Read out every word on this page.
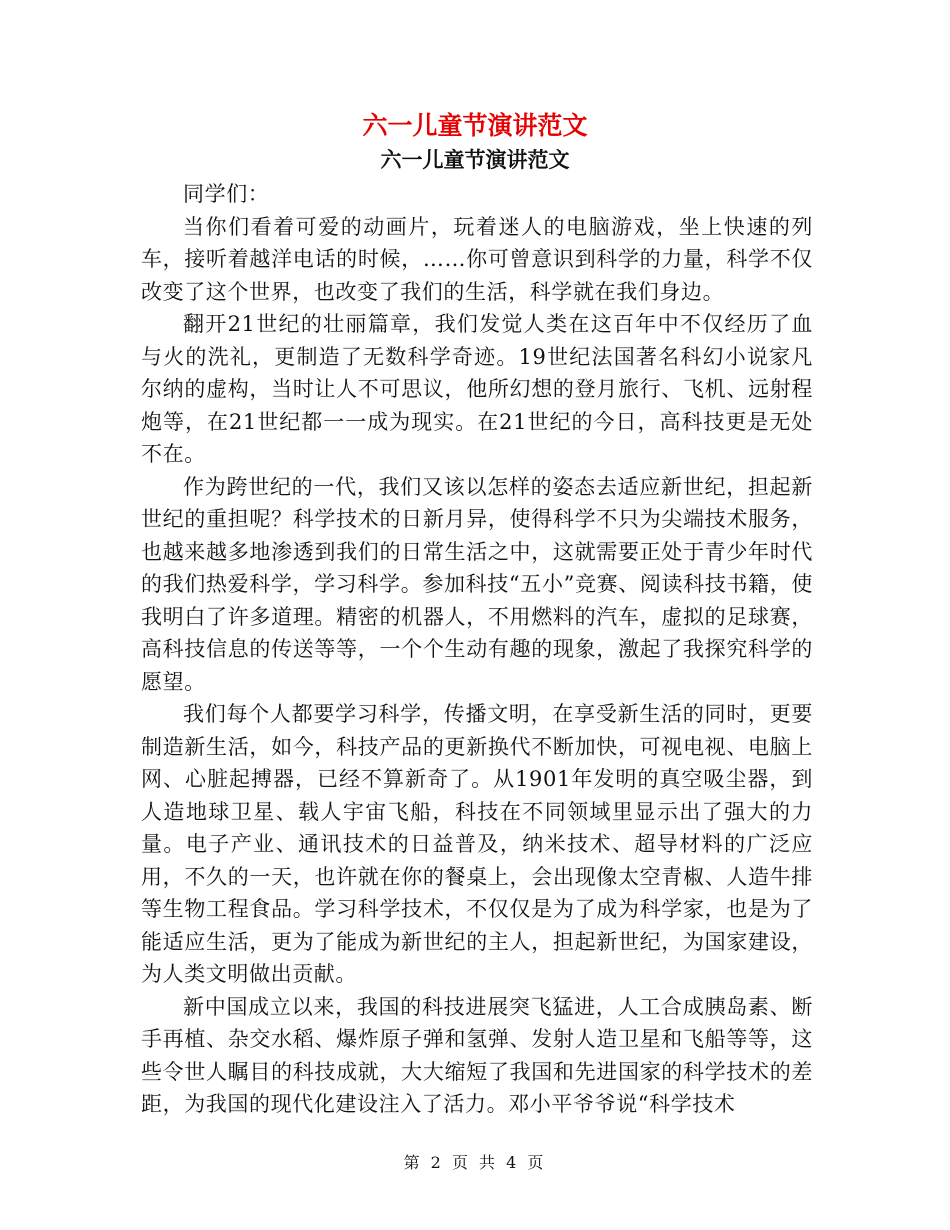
六一儿童节演讲范文
六一儿童节演讲范文

同学们：

当你们看着可爱的动画片，玩着迷人的电脑游戏，坐上快速的列车，接听着越洋电话的时候，……你可曾意识到科学的力量，科学不仅改变了这个世界，也改变了我们的生活，科学就在我们身边。

翻开21世纪的壮丽篇章，我们发觉人类在这百年中不仅经历了血与火的洗礼，更制造了无数科学奇迹。19世纪法国著名科幻小说家凡尔纳的虚构，当时让人不可思议，他所幻想的登月旅行、飞机、远射程炮等，在21世纪都一一成为现实。在21世纪的今日，高科技更是无处不在。

作为跨世纪的一代，我们又该以怎样的姿态去适应新世纪，担起新世纪的重担呢？科学技术的日新月异，使得科学不只为尖端技术服务，也越来越多地渗透到我们的日常生活之中，这就需要正处于青少年时代的我们热爱科学，学习科学。参加科技“五小”竞赛、阅读科技书籍，使我明白了许多道理。精密的机器人，不用燃料的汽车，虚拟的足球赛，高科技信息的传送等等，一个个生动有趣的现象，激起了我探究科学的愿望。

我们每个人都要学习科学，传播文明，在享受新生活的同时，更要制造新生活，如今，科技产品的更新换代不断加快，可视电视、电脑上网、心脏起搏器，已经不算新奇了。从1901年发明的真空吸尘器，到人造地球卫星、载人宇宙飞船，科技在不同领域里显示出了强大的力量。电子产业、通讯技术的日益普及，纳米技术、超导材料的广泛应用，不久的一天，也许就在你的餐桌上，会出现像太空青椒、人造牛排等生物工程食品。学习科学技术，不仅仅是为了成为科学家，也是为了能适应生活，更为了能成为新世纪的主人，担起新世纪，为国家建设，为人类文明做出贡献。

新中国成立以来，我国的科技进展突飞猛进，人工合成胰岛素、断手再植、杂交水稻、爆炸原子弹和氢弹、发射人造卫星和飞船等等，这些令世人瞩目的科技成就，大大缩短了我国和先进国家的科学技术的差距，为我国的现代化建设注入了活力。邓小平爷爷说“科学技术

第 2 页 共 4 页
